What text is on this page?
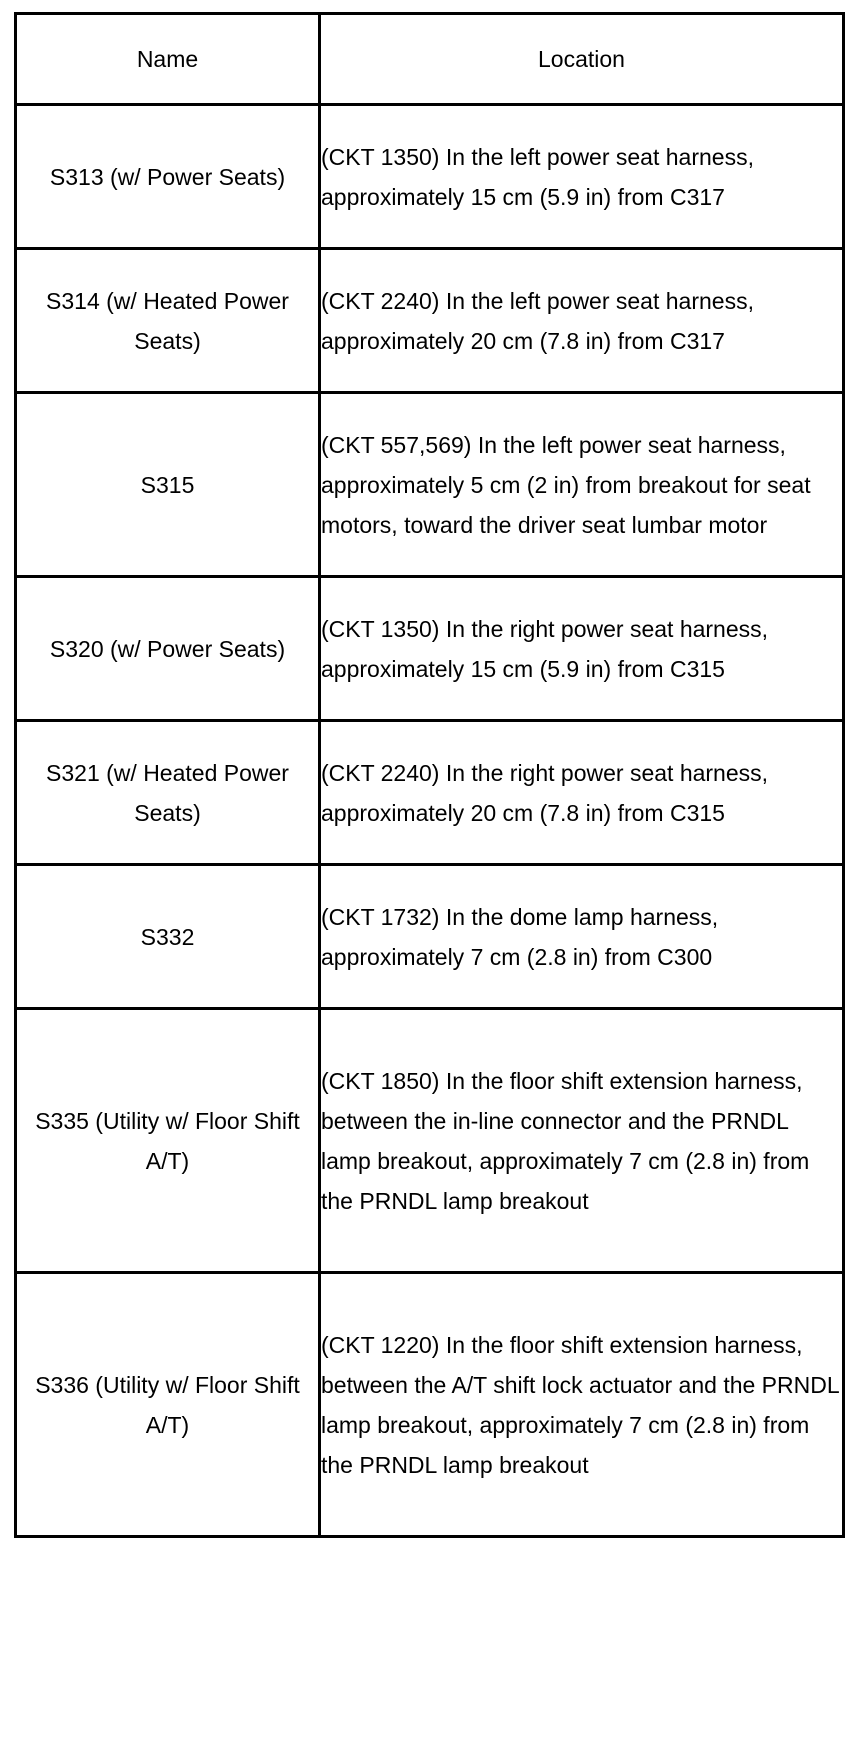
Name	Location
S313 (w/ Power Seats)	(CKT 1350) In the left power seat harness, approximately 15 cm (5.9 in) from C317
S314 (w/ Heated Power Seats)	(CKT 2240) In the left power seat harness, approximately 20 cm (7.8 in) from C317
S315	(CKT 557,569) In the left power seat harness, approximately 5 cm (2 in) from breakout for seat motors, toward the driver seat lumbar motor
S320 (w/ Power Seats)	(CKT 1350) In the right power seat harness, approximately 15 cm (5.9 in) from C315
S321 (w/ Heated Power Seats)	(CKT 2240) In the right power seat harness, approximately 20 cm (7.8 in) from C315
S332	(CKT 1732) In the dome lamp harness, approximately 7 cm (2.8 in) from C300
S335 (Utility w/ Floor Shift A/T)	(CKT 1850) In the floor shift extension harness, between the in-line connector and the PRNDL lamp breakout, approximately 7 cm (2.8 in) from the PRNDL lamp breakout
S336 (Utility w/ Floor Shift A/T)	(CKT 1220) In the floor shift extension harness, between the A/T shift lock actuator and the PRNDL lamp breakout, approximately 7 cm (2.8 in) from the PRNDL lamp breakout
